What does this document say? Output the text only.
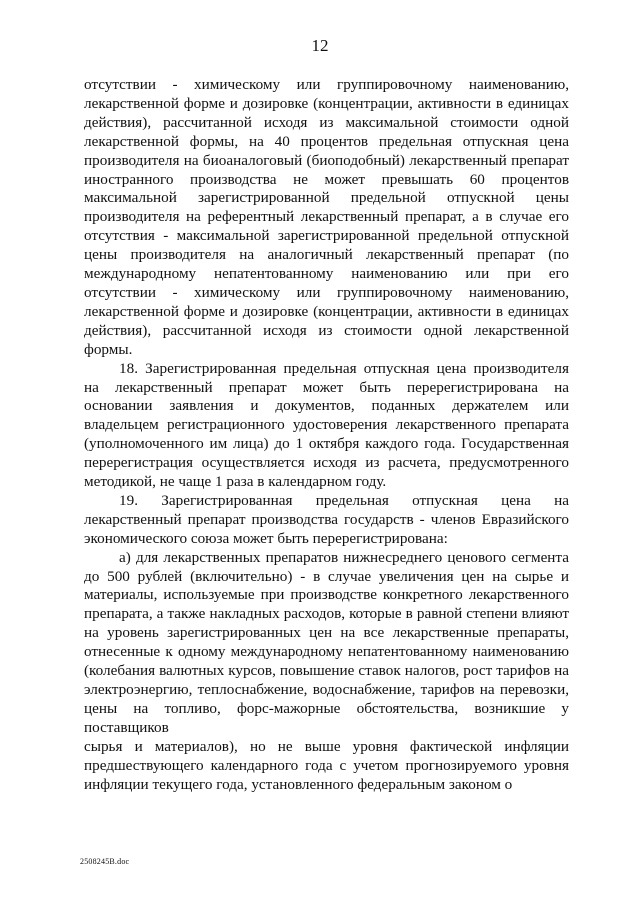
12
отсутствии - химическому или группировочному наименованию,
лекарственной форме и дозировке (концентрации, активности в единицах
действия), рассчитанной исходя из максимальной стоимости одной
лекарственной формы, на 40 процентов предельная отпускная цена
производителя на биоаналоговый (биоподобный) лекарственный препарат
иностранного производства не может превышать 60 процентов
максимальной зарегистрированной предельной отпускной цены
производителя на референтный лекарственный препарат, а в случае его
отсутствия - максимальной зарегистрированной предельной отпускной
цены производителя на аналогичный лекарственный препарат (по
международному непатентованному наименованию или при его
отсутствии - химическому или группировочному наименованию,
лекарственной форме и дозировке (концентрации, активности в единицах
действия), рассчитанной исходя из стоимости одной лекарственной
формы.
18. Зарегистрированная предельная отпускная цена производителя
на лекарственный препарат может быть перерегистрирована на
основании заявления и документов, поданных держателем или
владельцем регистрационного удостоверения лекарственного препарата
(уполномоченного им лица) до 1 октября каждого года. Государственная
перерегистрация осуществляется исходя из расчета, предусмотренного
методикой, не чаще 1 раза в календарном году.
19. Зарегистрированная предельная отпускная цена на
лекарственный препарат производства государств - членов Евразийского
экономического союза может быть перерегистрирована:
а) для лекарственных препаратов нижнесреднего ценового сегмента
до 500 рублей (включительно) - в случае увеличения цен на сырье и
материалы, используемые при производстве конкретного лекарственного
препарата, а также накладных расходов, которые в равной степени влияют
на уровень зарегистрированных цен на все лекарственные препараты,
отнесенные к одному международному непатентованному наименованию
(колебания валютных курсов, повышение ставок налогов, рост тарифов на
электроэнергию, теплоснабжение, водоснабжение, тарифов на перевозки,
цены на топливо, форс-мажорные обстоятельства, возникшие у поставщиков
сырья и материалов), но не выше уровня фактической инфляции
предшествующего календарного года с учетом прогнозируемого уровня
инфляции текущего года, установленного федеральным законом о
2508245В.doc
